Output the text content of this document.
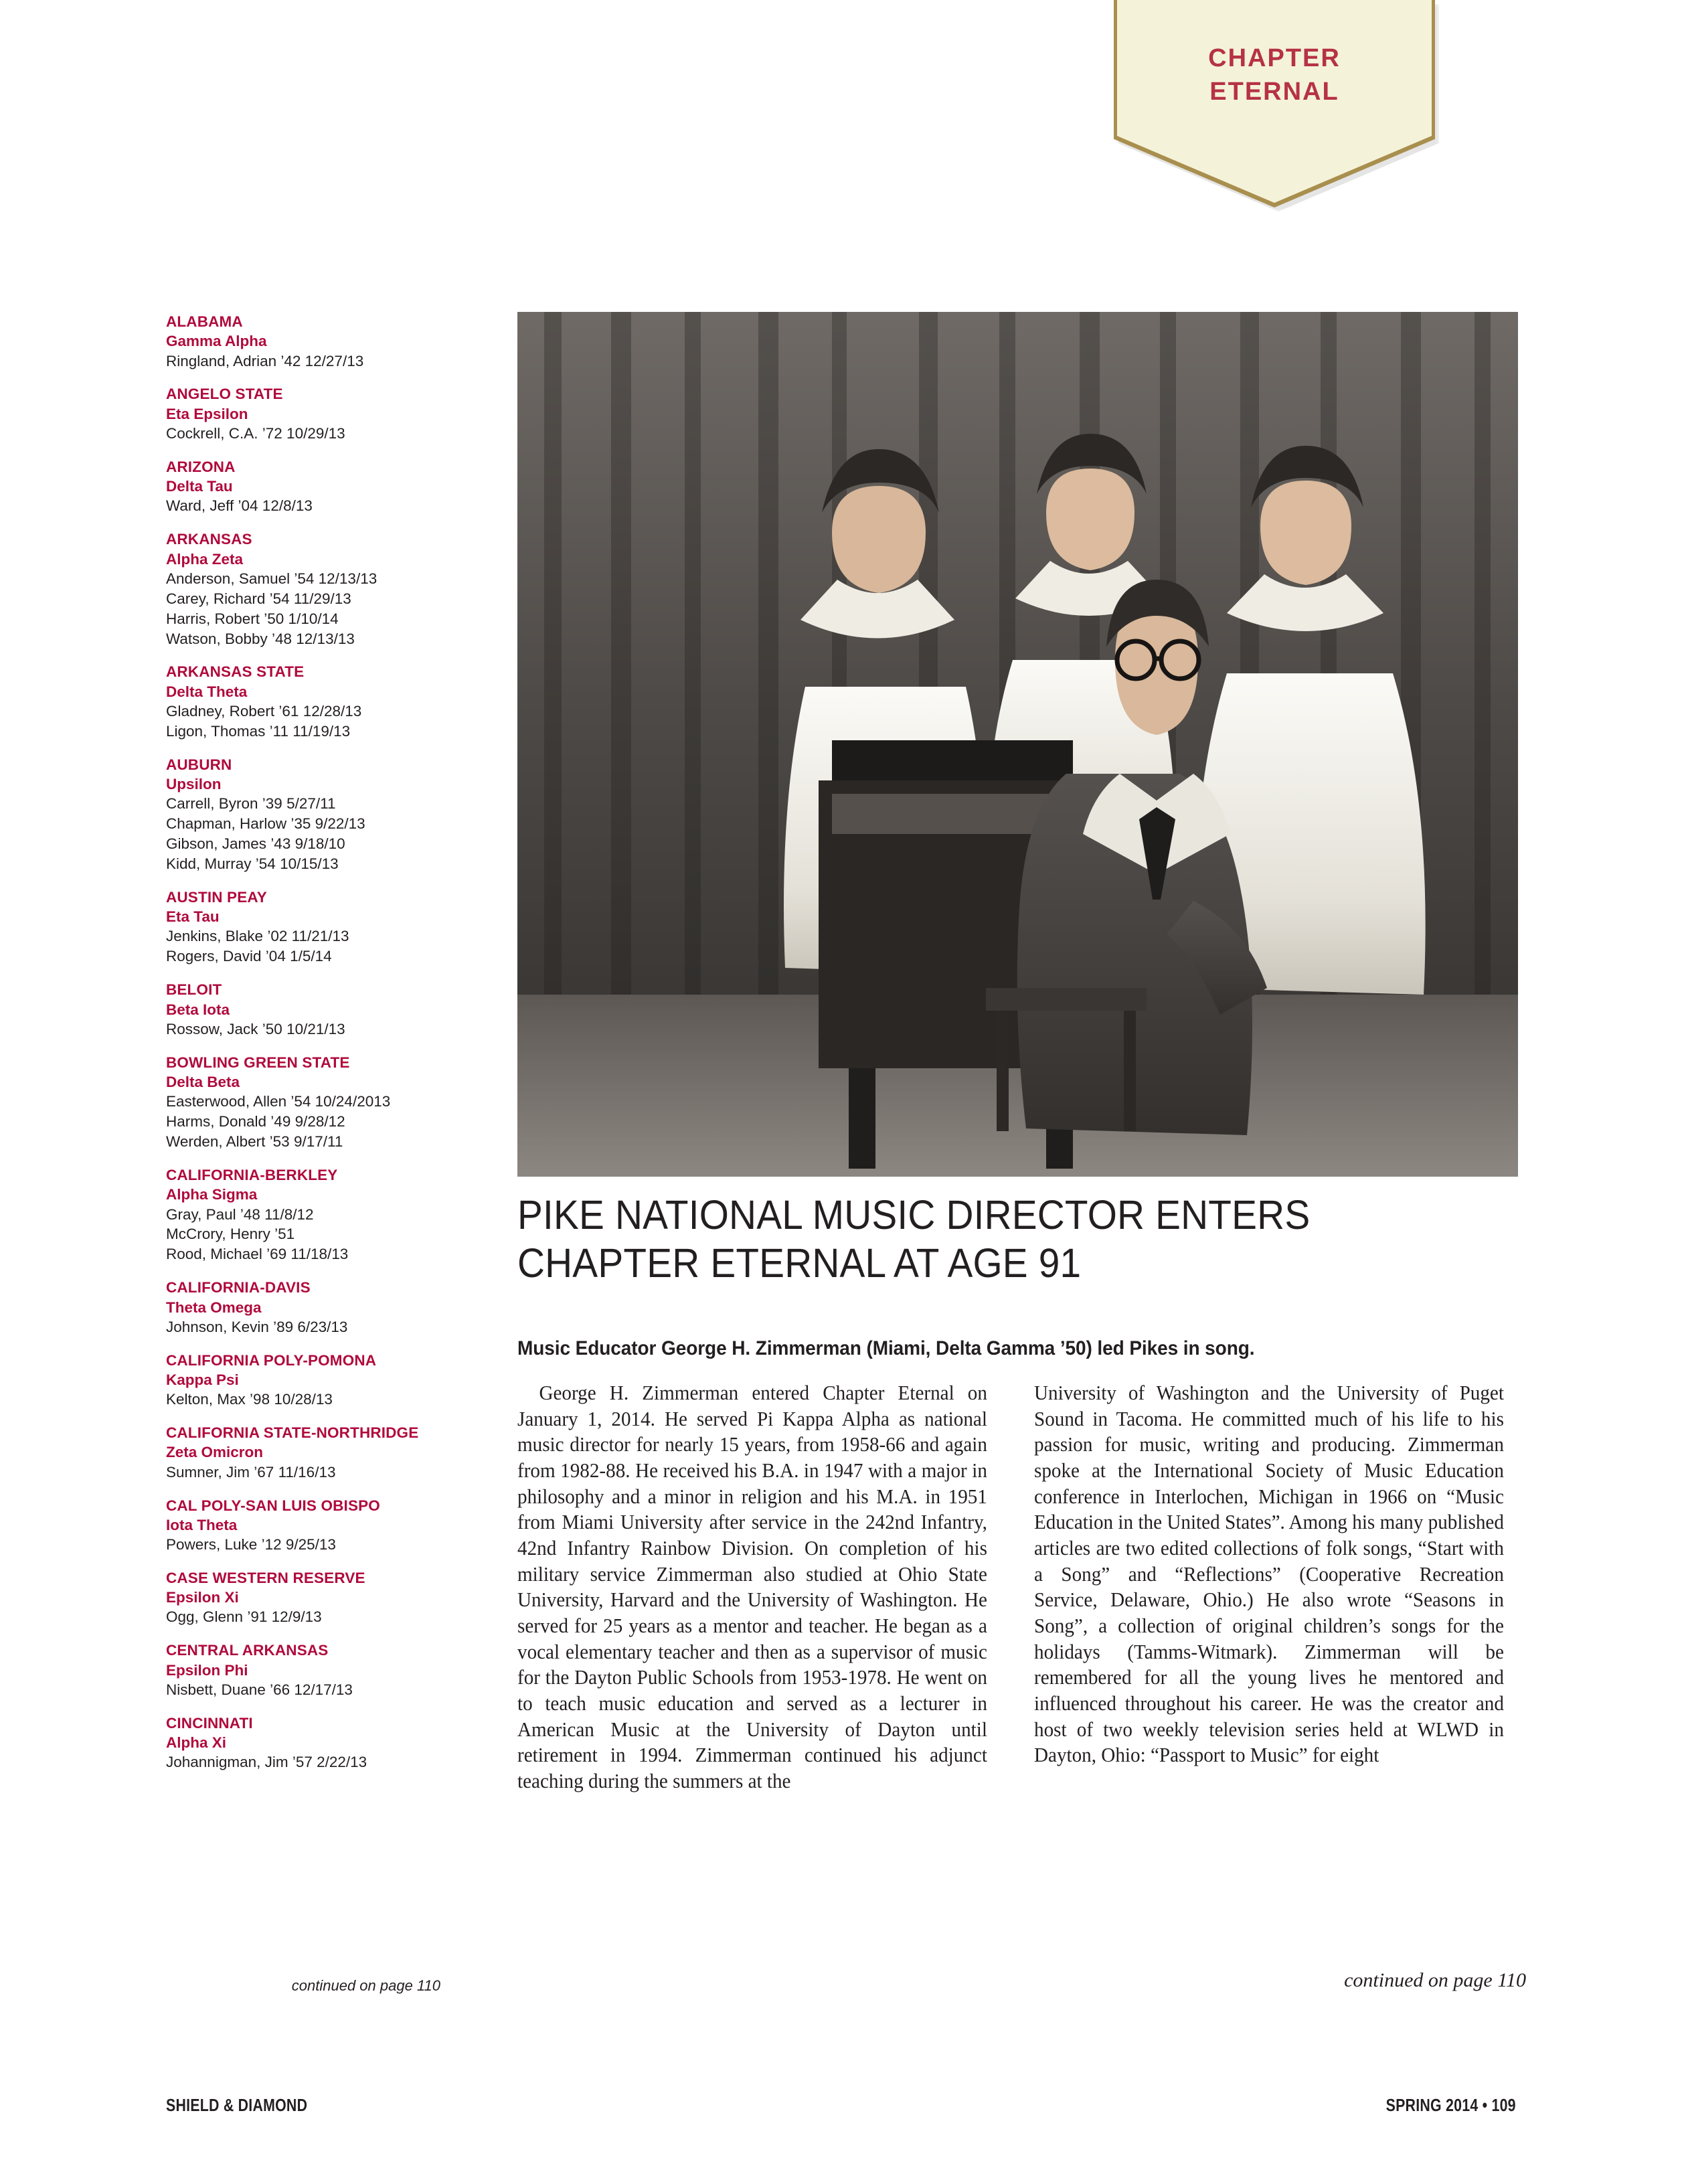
CHAPTER
ETERNAL
ALABAMA
Gamma Alpha
Ringland, Adrian ’42 12/27/13
ANGELO STATE
Eta Epsilon
Cockrell, C.A. ’72 10/29/13
ARIZONA
Delta Tau
Ward, Jeff ’04 12/8/13
ARKANSAS
Alpha Zeta
Anderson, Samuel ’54 12/13/13
Carey, Richard ’54 11/29/13
Harris, Robert ’50 1/10/14
Watson, Bobby ’48 12/13/13
ARKANSAS STATE
Delta Theta
Gladney, Robert ’61 12/28/13
Ligon, Thomas ’11 11/19/13
AUBURN
Upsilon
Carrell, Byron ’39 5/27/11
Chapman, Harlow ’35 9/22/13
Gibson, James ’43 9/18/10
Kidd, Murray ’54 10/15/13
AUSTIN PEAY
Eta Tau
Jenkins, Blake ’02 11/21/13
Rogers, David ’04 1/5/14
BELOIT
Beta Iota
Rossow, Jack ’50 10/21/13
BOWLING GREEN STATE
Delta Beta
Easterwood, Allen ’54 10/24/2013
Harms, Donald ’49 9/28/12
Werden, Albert ’53 9/17/11
CALIFORNIA-BERKLEY
Alpha Sigma
Gray, Paul ’48 11/8/12
McCrory, Henry ’51
Rood, Michael ’69 11/18/13
CALIFORNIA-DAVIS
Theta Omega
Johnson, Kevin ’89 6/23/13
CALIFORNIA POLY-POMONA
Kappa Psi
Kelton, Max ’98 10/28/13
CALIFORNIA STATE-NORTHRIDGE
Zeta Omicron
Sumner, Jim ’67 11/16/13
CAL POLY-SAN LUIS OBISPO
Iota Theta
Powers, Luke ’12 9/25/13
CASE WESTERN RESERVE
Epsilon Xi
Ogg, Glenn ’91 12/9/13
CENTRAL ARKANSAS
Epsilon Phi
Nisbett, Duane ’66 12/17/13
CINCINNATI
Alpha Xi
Johannigman, Jim ’57 2/22/13
continued on page 110
PIKE NATIONAL MUSIC DIRECTOR ENTERS CHAPTER ETERNAL AT AGE 91
Music Educator George H. Zimmerman (Miami, Delta Gamma ’50) led Pikes in song.

George H. Zimmerman entered Chapter Eternal on January 1, 2014. He served Pi Kappa Alpha as national music director for nearly 15 years, from 1958-66 and again from 1982-88. He received his B.A. in 1947 with a major in philosophy and a minor in religion and his M.A. in 1951 from Miami University after service in the 242nd Infantry, 42nd Infantry Rainbow Division. On completion of his military service Zimmerman also studied at Ohio State University, Harvard and the University of Washington. He served for 25 years as a mentor and teacher. He began as a vocal elementary teacher and then as a supervisor of music for the Dayton Public Schools from 1953-1978. He went on to teach music education and served as a lecturer in American Music at the University of Dayton until retirement in 1994. Zimmerman continued his adjunct teaching during the summers at the

University of Washington and the University of Puget Sound in Tacoma. He committed much of his life to his passion for music, writing and producing. Zimmerman spoke at the International Society of Music Education conference in Interlochen, Michigan in 1966 on “Music Education in the United States”. Among his many published articles are two edited collections of folk songs, “Start with a Song” and “Reflections” (Cooperative Recreation Service, Delaware, Ohio.) He also wrote “Seasons in Song”, a collection of original children’s songs for the holidays (Tamms-Witmark). Zimmerman will be remembered for all the young lives he mentored and influenced throughout his career. He was the creator and host of two weekly television series held at WLWD in Dayton, Ohio: “Passport to Music” for eight

continued on page 110
SHIELD & DIAMOND	SPRING 2014 • 109
